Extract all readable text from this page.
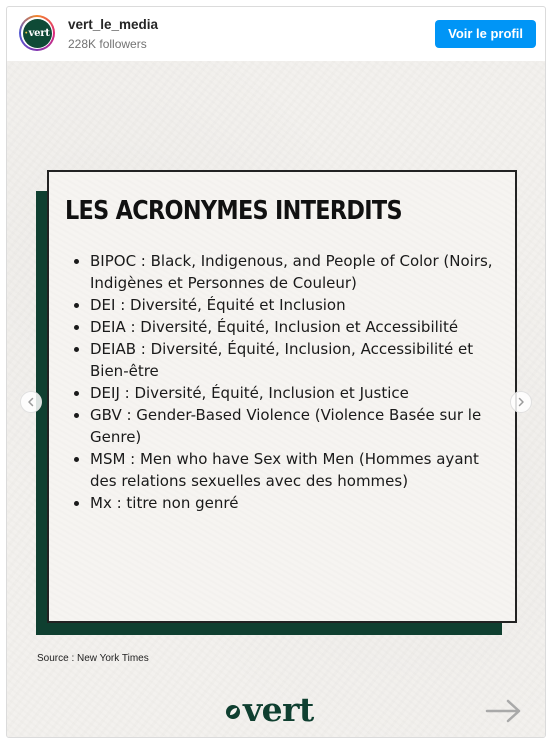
· vert
vert_le_media
228K followers
Voir le profil
LES ACRONYMES INTERDITS
• BIPOC : Black, Indigenous, and People of Color (Noirs, Indigènes et Personnes de Couleur)
• DEI : Diversité, Équité et Inclusion
• DEIA : Diversité, Équité, Inclusion et Accessibilité
• DEIAB : Diversité, Équité, Inclusion, Accessibilité et Bien-être
• DEIJ : Diversité, Équité, Inclusion et Justice
• GBV : Gender-Based Violence (Violence Basée sur le Genre)
• MSM : Men who have Sex with Men (Hommes ayant des relations sexuelles avec des hommes)
• Mx : titre non genré
Source : New York Times
vert
